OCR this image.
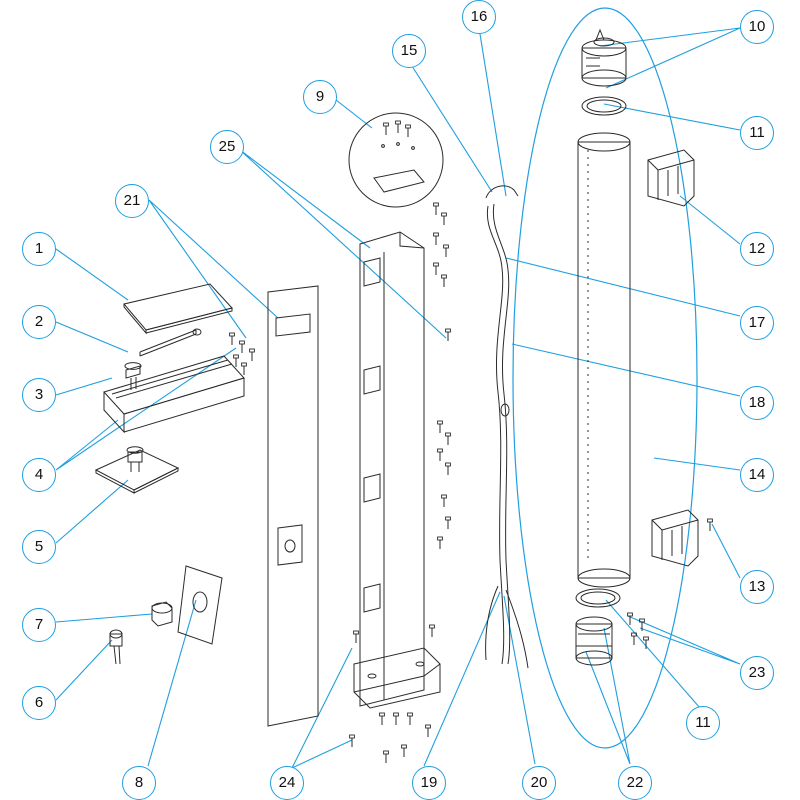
1
2
3
4
5
6
7
8
9
10
11
12
13
14
15
16
17
18
19	20
21
22
23
24
25
11
